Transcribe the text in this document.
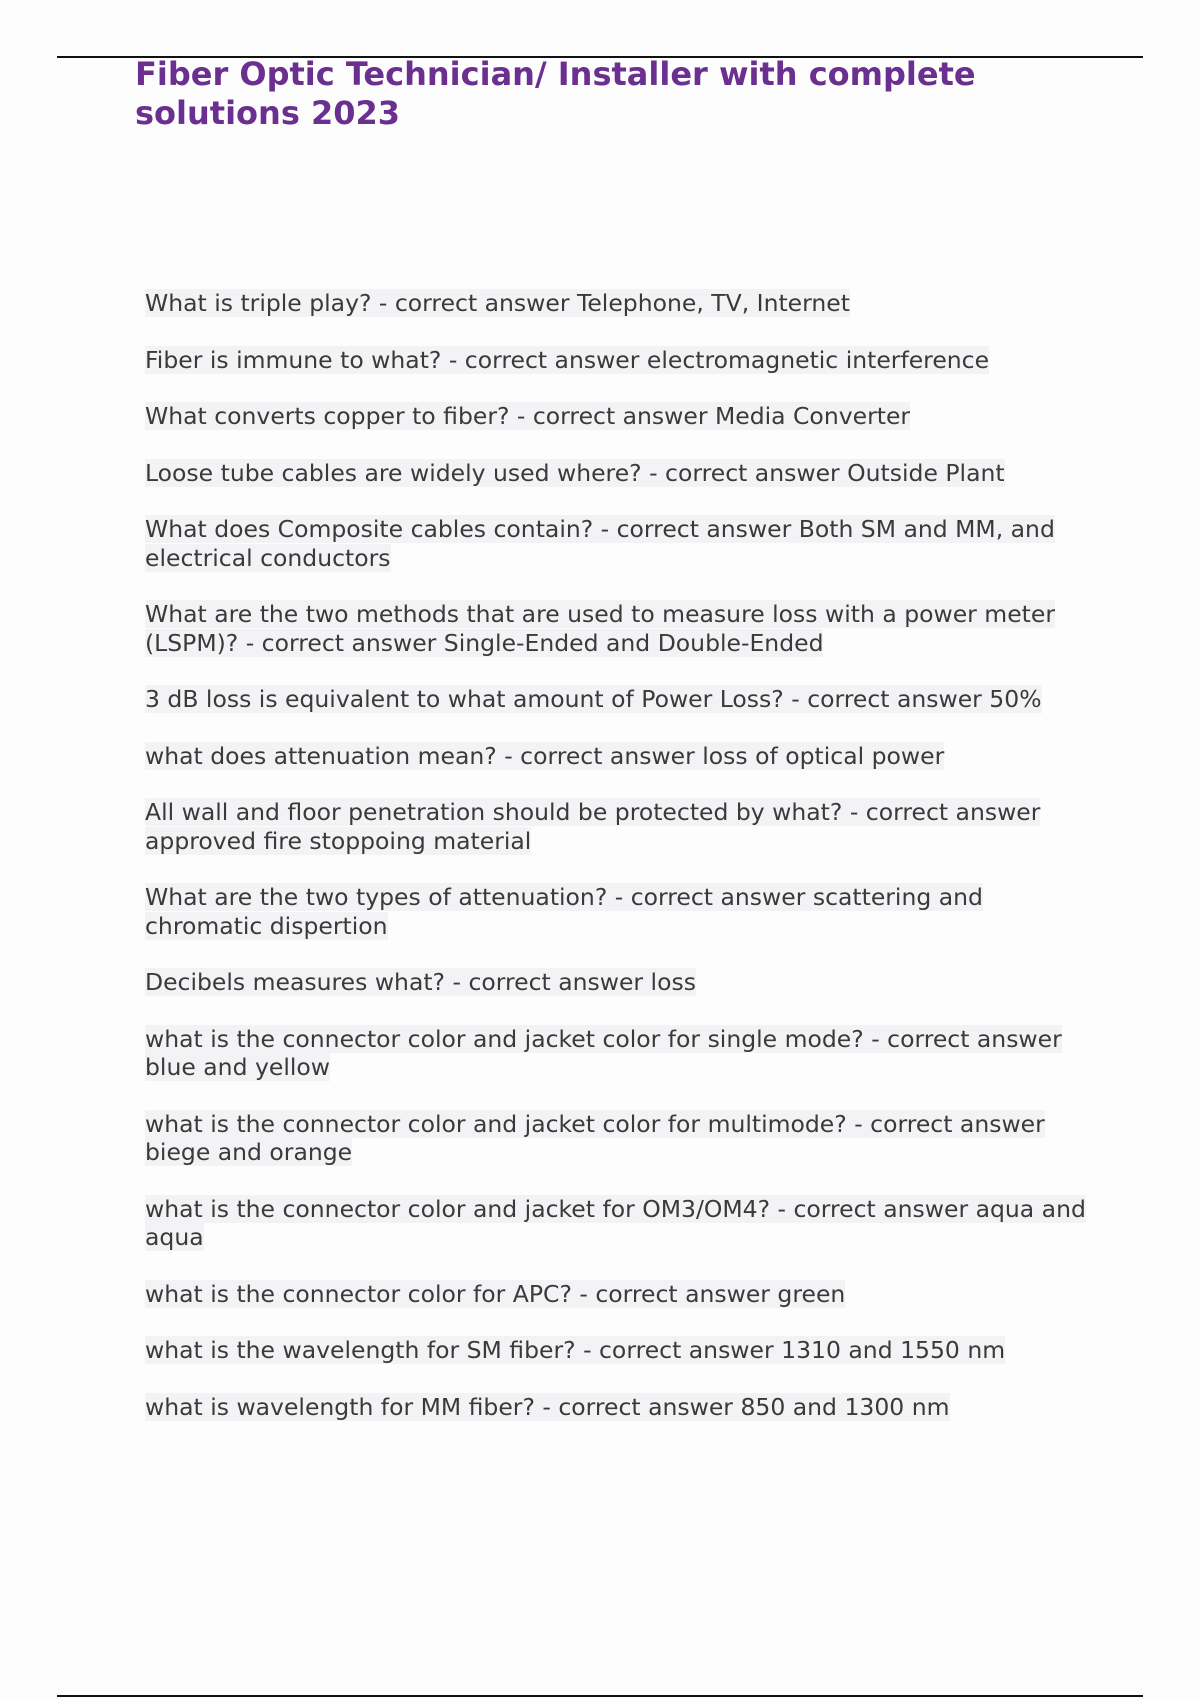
Fiber Optic Technician/ Installer with complete solutions 2023
What is triple play? - correct answer Telephone, TV, Internet
Fiber is immune to what? - correct answer electromagnetic interference
What converts copper to fiber? - correct answer Media Converter
Loose tube cables are widely used where? - correct answer Outside Plant
What does Composite cables contain? - correct answer Both SM and MM, and electrical conductors
What are the two methods that are used to measure loss with a power meter (LSPM)? - correct answer Single-Ended and Double-Ended
3 dB loss is equivalent to what amount of Power Loss? - correct answer 50%
what does attenuation mean? - correct answer loss of optical power
All wall and floor penetration should be protected by what? - correct answer approved fire stoppoing material
What are the two types of attenuation? - correct answer scattering and chromatic dispertion
Decibels measures what? - correct answer loss
what is the connector color and jacket color for single mode? - correct answer blue and yellow
what is the connector color and jacket color for multimode? - correct answer biege and orange
what is the connector color and jacket for OM3/OM4? - correct answer aqua and aqua
what is the connector color for APC? - correct answer green
what is the wavelength for SM fiber? - correct answer 1310 and 1550 nm
what is wavelength for MM fiber? - correct answer 850 and 1300 nm
